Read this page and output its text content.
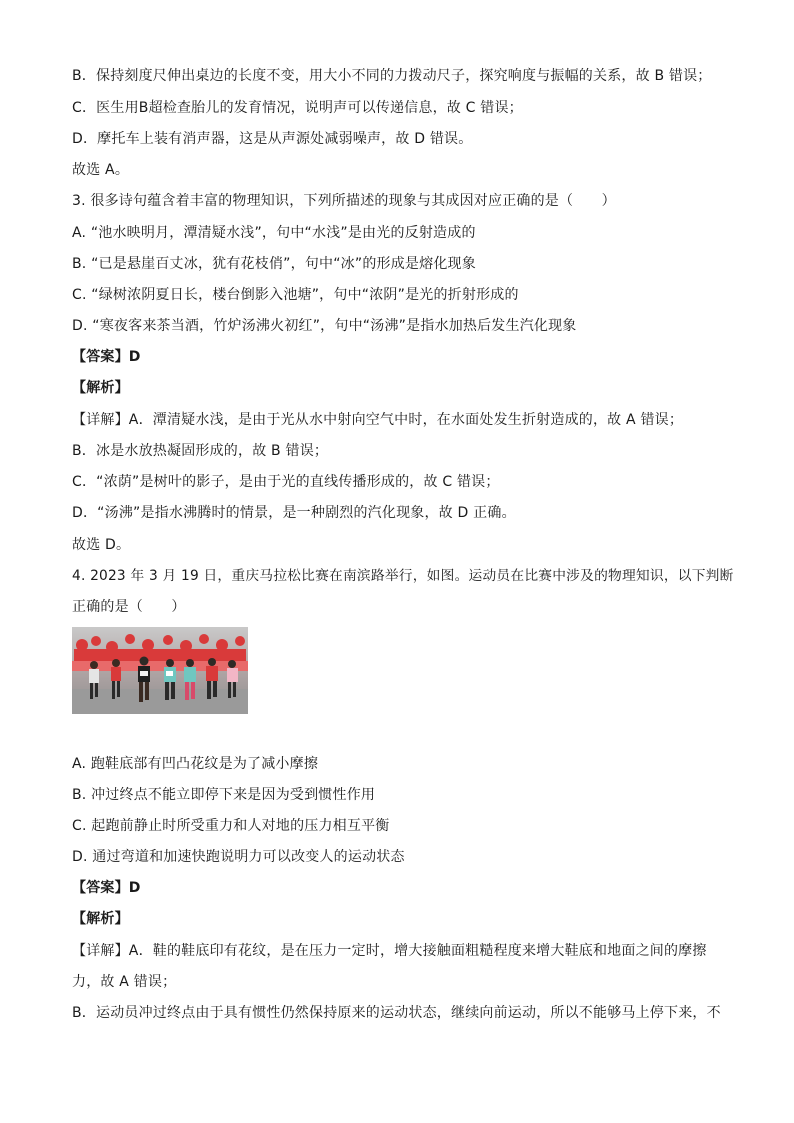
B．保持刻度尺伸出桌边的长度不变，用大小不同的力拨动尺子，探究响度与振幅的关系，故 B 错误；
C．医生用B超检查胎儿的发育情况，说明声可以传递信息，故 C 错误；
D．摩托车上装有消声器，这是从声源处减弱噪声，故 D 错误。
故选 A。
3. 很多诗句蕴含着丰富的物理知识，下列所描述的现象与其成因对应正确的是（　　）
A. “池水映明月，潭清疑水浅”，句中“水浅”是由光的反射造成的
B. “已是悬崖百丈冰，犹有花枝俏”，句中“冰”的形成是熔化现象
C. “绿树浓阴夏日长，楼台倒影入池塘”，句中“浓阴”是光的折射形成的
D. “寒夜客来茶当酒，竹炉汤沸火初红”，句中“汤沸”是指水加热后发生汽化现象
【答案】D
【解析】
【详解】A．潭清疑水浅，是由于光从水中射向空气中时，在水面处发生折射造成的，故 A 错误；
B．冰是水放热凝固形成的，故 B 错误；
C．“浓荫”是树叶的影子，是由于光的直线传播形成的，故 C 错误；
D．“汤沸”是指水沸腾时的情景，是一种剧烈的汽化现象，故 D 正确。
故选 D。
4. 2023 年 3 月 19 日，重庆马拉松比赛在南滨路举行，如图。运动员在比赛中涉及的物理知识，以下判断
正确的是（　　）
A. 跑鞋底部有凹凸花纹是为了减小摩擦
B. 冲过终点不能立即停下来是因为受到惯性作用
C. 起跑前静止时所受重力和人对地的压力相互平衡
D. 通过弯道和加速快跑说明力可以改变人的运动状态
【答案】D
【解析】
【详解】A．鞋的鞋底印有花纹，是在压力一定时，增大接触面粗糙程度来增大鞋底和地面之间的摩擦
力，故 A 错误；
B．运动员冲过终点由于具有惯性仍然保持原来的运动状态，继续向前运动，所以不能够马上停下来，不
